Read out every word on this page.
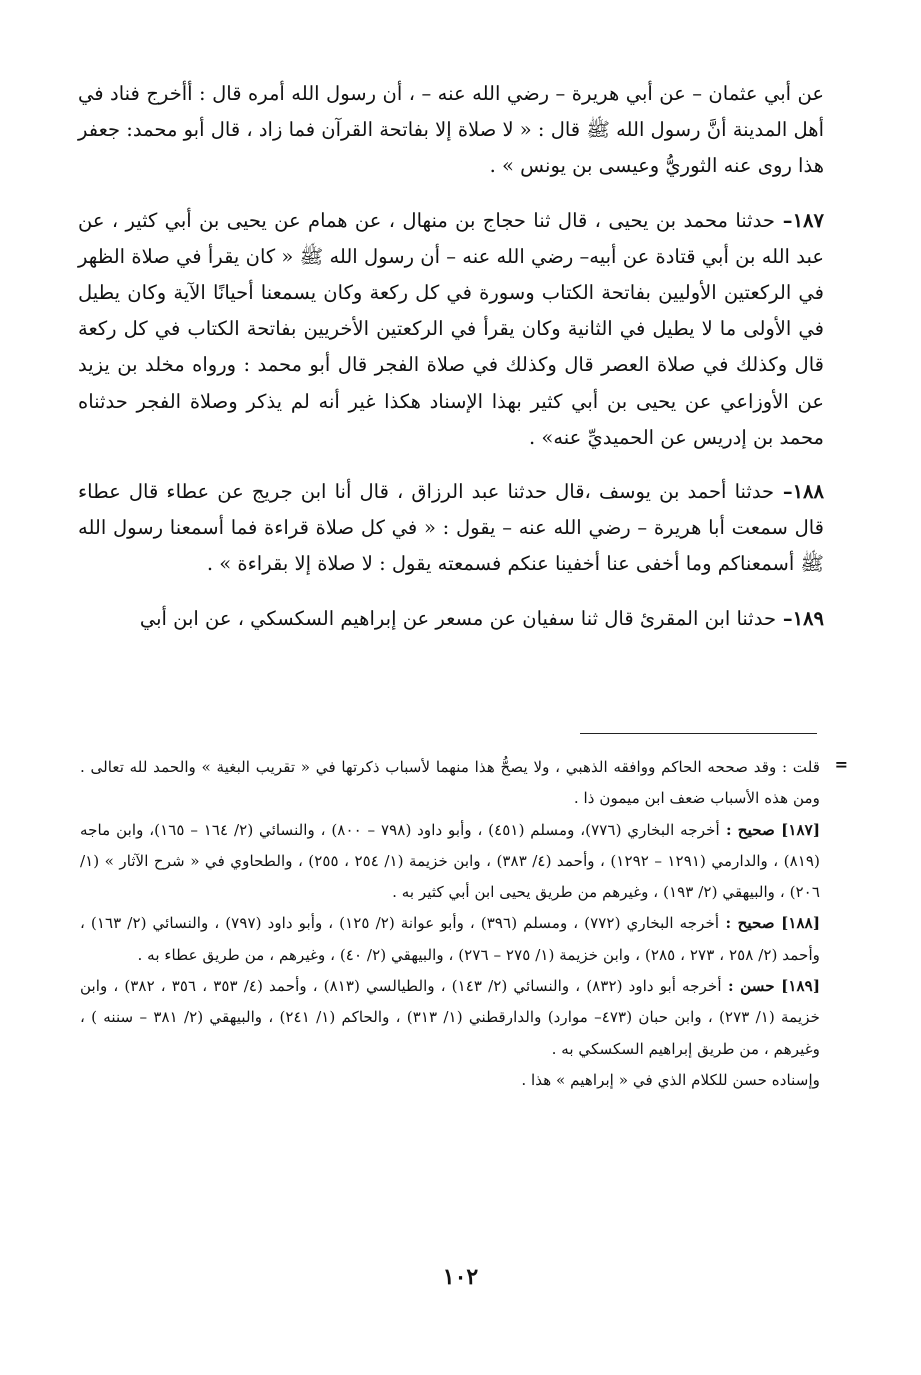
عن أبي عثمان – عن أبي هريرة – رضي الله عنه – ، أن رسول الله أمره قال : أأخرج فناد في أهل المدينة أنَّ رسول الله ﷺ قال : « لا صلاة إلا بفاتحة القرآن فما زاد ، قال أبو محمد: جعفر هذا روى عنه الثوريُّ وعيسى بن يونس » .

١٨٧– حدثنا محمد بن يحيى ، قال ثنا حجاج بن منهال ، عن همام عن يحيى بن أبي كثير ، عن عبد الله بن أبي قتادة عن أبيه– رضي الله عنه – أن رسول الله ﷺ « كان يقرأ في صلاة الظهر في الركعتين الأوليين بفاتحة الكتاب وسورة في كل ركعة وكان يسمعنا أحيانًا الآية وكان يطيل في الأولى ما لا يطيل في الثانية وكان يقرأ في الركعتين الأخريين بفاتحة الكتاب في كل ركعة قال وكذلك في صلاة العصر قال وكذلك في صلاة الفجر قال أبو محمد : ورواه مخلد بن يزيد عن الأوزاعي عن يحيى بن أبي كثير بهذا الإسناد هكذا غير أنه لم يذكر وصلاة الفجر حدثناه محمد بن إدريس عن الحميديِّ عنه» .

١٨٨– حدثنا أحمد بن يوسف ،قال حدثنا عبد الرزاق ، قال أنا ابن جريج عن عطاء قال عطاء قال سمعت أبا هريرة – رضي الله عنه – يقول : « في كل صلاة قراءة فما أسمعنا رسول الله ﷺ أسمعناكم وما أخفى عنا أخفينا عنكم فسمعته يقول : لا صلاة إلا بقراءة » .

١٨٩– حدثنا ابن المقرئ قال ثنا سفيان عن مسعر عن إبراهيم السكسكي ، عن ابن أبي

=

قلت : وقد صححه الحاكم ووافقه الذهبي ، ولا يصحُّ هذا منهما لأسباب ذكرتها في « تقريب البغية » والحمد لله تعالى . ومن هذه الأسباب ضعف ابن ميمون ذا .

[١٨٧] صحيح : أخرجه البخاري (٧٧٦)، ومسلم (٤٥١) ، وأبو داود (٧٩٨ – ٨٠٠) ، والنسائي (٢/ ١٦٤ – ١٦٥)، وابن ماجه (٨١٩) ، والدارمي (١٢٩١ – ١٢٩٢) ، وأحمد (٤/ ٣٨٣) ، وابن خزيمة (١/ ٢٥٤ ، ٢٥٥) ، والطحاوي في « شرح الآثار » (١/ ٢٠٦) ، والبيهقي (٢/ ١٩٣) ، وغيرهم من طريق يحيى ابن أبي كثير به .

[١٨٨] صحيح : أخرجه البخاري (٧٧٢) ، ومسلم (٣٩٦) ، وأبو عوانة (٢/ ١٢٥) ، وأبو داود (٧٩٧) ، والنسائي (٢/ ١٦٣) ، وأحمد (٢/ ٢٥٨ ، ٢٧٣ ، ٢٨٥) ، وابن خزيمة (١/ ٢٧٥ – ٢٧٦) ، والبيهقي (٢/ ٤٠) ، وغيرهم ، من طريق عطاء به .

[١٨٩] حسن : أخرجه أبو داود (٨٣٢) ، والنسائي (٢/ ١٤٣) ، والطيالسي (٨١٣) ، وأحمد (٤/ ٣٥٣ ، ٣٥٦ ، ٣٨٢) ، وابن خزيمة (١/ ٢٧٣) ، وابن حبان (٤٧٣– موارد) والدارقطني (١/ ٣١٣) ، والحاكم (١/ ٢٤١) ، والبيهقي (٢/ ٣٨١ – سننه ) ، وغيرهم ، من طريق إبراهيم السكسكي به .

وإسناده حسن للكلام الذي في « إبراهيم » هذا .

١٠٢
